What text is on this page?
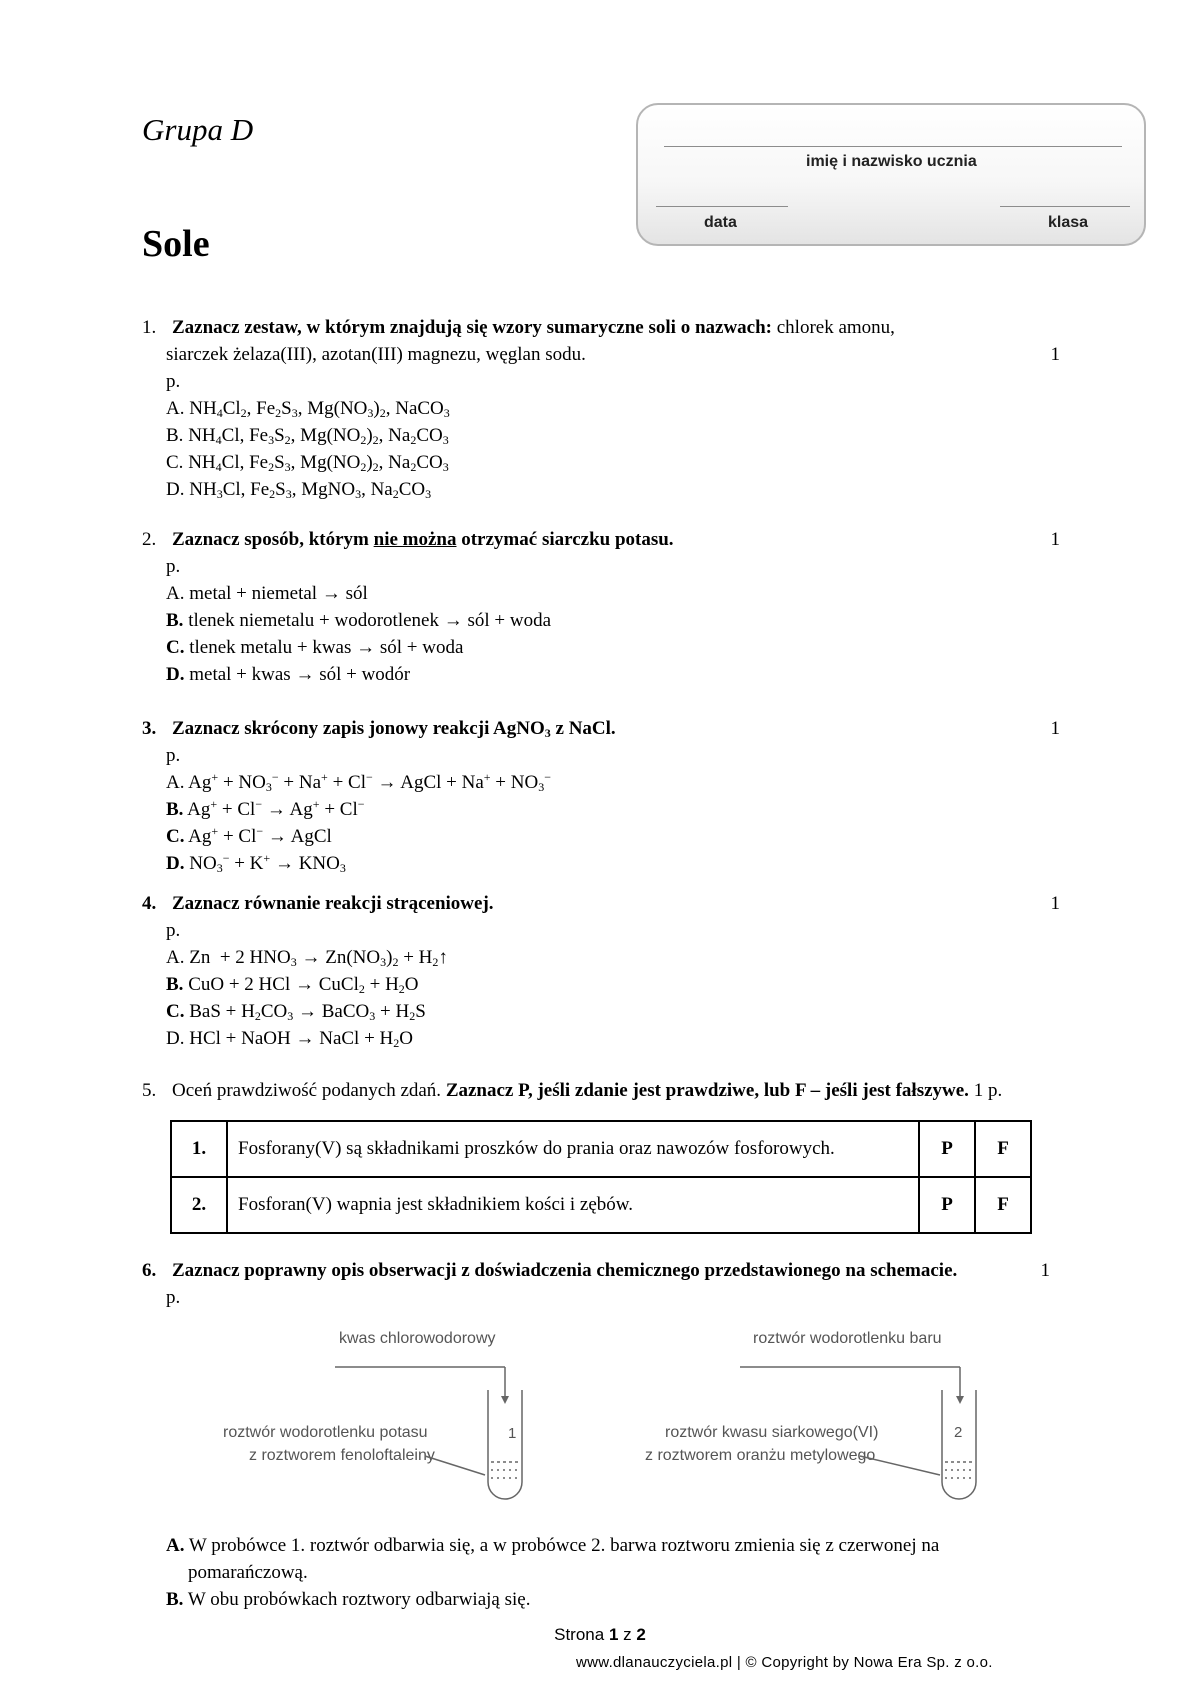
Grupa D
Sole
imię i nazwisko ucznia
data	klasa
1. Zaznacz zestaw, w którym znajdują się wzory sumaryczne soli o nazwach: chlorek amonu,
siarczek żelaza(III), azotan(III) magnezu, węglan sodu.	1
p.
A. $NH_4Cl_2$, $Fe_2S_3$, $Mg(NO_3)_2$, NaCO$_3$
B. $NH_4Cl$, $Fe_3S_2$, $Mg(NO_2)_2$, $Na_2CO_3$
C. $NH_4Cl$, $Fe_2S_3$, $Mg(NO_2)_2$, $Na_2CO_3$
D. $NH_3Cl$, $Fe_2S_3$, MgNO$_3$, $Na_2CO_3$
2. Zaznacz sposób, którym nie można otrzymać siarczku potasu.	1
p.
A. metal + niemetal → sól
B. tlenek niemetalu + wodorotlenek → sól + woda
C. tlenek metalu + kwas → sól + woda
D. metal + kwas → sól + wodór
3. Zaznacz skrócony zapis jonowy reakcji AgNO$_3$ z NaCl.	1
p.
A. $Ag^+ + NO_3^- + Na^+ + Cl^-$ → AgCl + $Na^+ + NO_3^-$
B. Ag+ + Cl− → Ag+ + Cl−
C. Ag+ + Cl− → AgCl
D. $NO_3^- + K^+ \to KNO_3$
4. Zaznacz równanie reakcji strąceniowej.	1
p.
A. Zn  + 2 $HNO_3 \to Zn(NO_3)_2$ + $H_2↑$
B. CuO + 2 HCl → CuCl$_2$ + $H_2O$
C. BaS + $H_2CO_3$ → BaCO$_3$ + $H_2S$
D. HCl + NaOH → NaCl + $H_2O$
5. Oceń prawdziwość podanych zdań. Zaznacz P, jeśli zdanie jest prawdziwe, lub F – jeśli jest fałszywe. 1 p.
1.	Fosforany(V) są składnikami proszków do prania oraz nawozów fosforowych.	P	F
2.	Fosforan(V) wapnia jest składnikiem kości i zębów.	P	F
6. Zaznacz poprawny opis obserwacji z doświadczenia chemicznego przedstawionego na schemacie.	1
p.
kwas chlorowodorowy
roztwór wodorotlenku potasu
z roztworem fenoloftaleiny
roztwór wodorotlenku baru
roztwór kwasu siarkowego(VI)
z roztworem oranżu metylowego
1	2
A. W probówce 1. roztwór odbarwia się, a w probówce 2. barwa roztworu zmienia się z czerwonej na
pomarańczową.
B. W obu probówkach roztwory odbarwiają się.
Strona 1 z 2
www.dlanauczyciela.pl | © Copyright by Nowa Era Sp. z o.o.
